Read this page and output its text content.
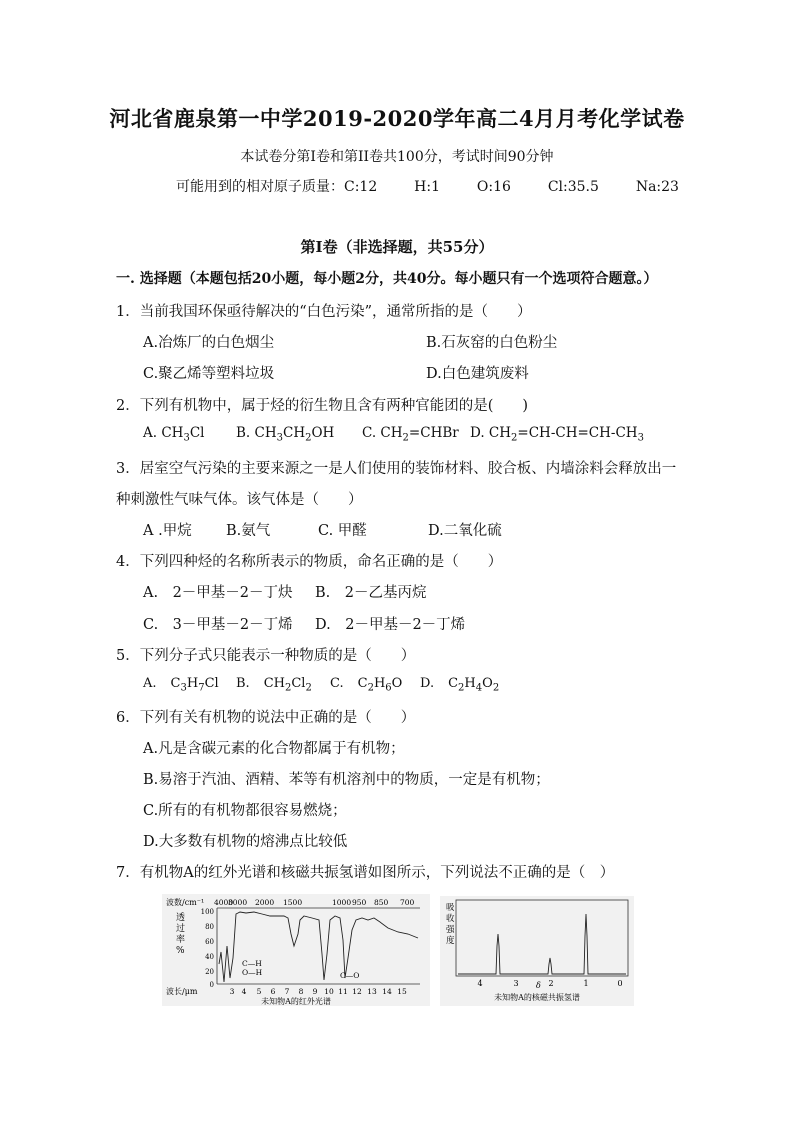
河北省鹿泉第一中学2019-2020学年高二4月月考化学试卷
本试卷分第I卷和第II卷共100分，考试时间90分钟
可能用到的相对原子质量：C:12	H:1	O:16	Cl:35.5	Na:23
第I卷（非选择题，共55分）
一. 选择题（本题包括20小题，每小题2分，共40分。每小题只有一个选项符合题意。）
1．当前我国环保亟待解决的“白色污染”，通常所指的是（　　）
A.冶炼厂的白色烟尘	B.石灰窑的白色粉尘
C.聚乙烯等塑料垃圾	D.白色建筑废料
2．下列有机物中，属于烃的衍生物且含有两种官能团的是(　　)
A. $CH_3Cl$ B. $CH_3CH_2OH$ C. $CH_2=CHBr$ D. $CH_2=CH-CH=CH-CH_3$
3．居室空气污染的主要来源之一是人们使用的装饰材料、胶合板、内墙涂料会释放出一
种刺激性气味气体。该气体是（　　）
A .甲烷 B.氨气	C. 甲醛	D.二氧化硫
4．下列四种烃的名称所表示的物质，命名正确的是（　　）
A.　2－甲基－2－丁炔 B.　2－乙基丙烷
C.　3－甲基－2－丁烯 D.　2－甲基－2－丁烯
5．下列分子式只能表示一种物质的是（　　）
A. $C_3H_7Cl$ B. $CH_2Cl_2$ C. $C_2H_6O$ D. $C_2H_4O_2$
6．下列有关有机物的说法中正确的是（　　）
A.凡是含碳元素的化合物都属于有机物；
B.易溶于汽油、酒精、苯等有机溶剂中的物质，一定是有机物；
C.所有的有机物都很容易燃烧；
D.大多数有机物的熔沸点比较低
7．有机物A的红外光谱和核磁共振氢谱如图所示，下列说法不正确的是（　）
波数/cm⁻¹ 4000
3000 2000 1500	1000 950 850 700
透
过
率
%
100
80
60
40
20
0
C—H
O—H	C—O
波长/μm	3 4 5 6 7 8 9 10 11 12 13 14 15
未知物A的红外光谱
吸
收
强
度
4	3	2	1	0
δ
未知物A的核磁共振氢谱
